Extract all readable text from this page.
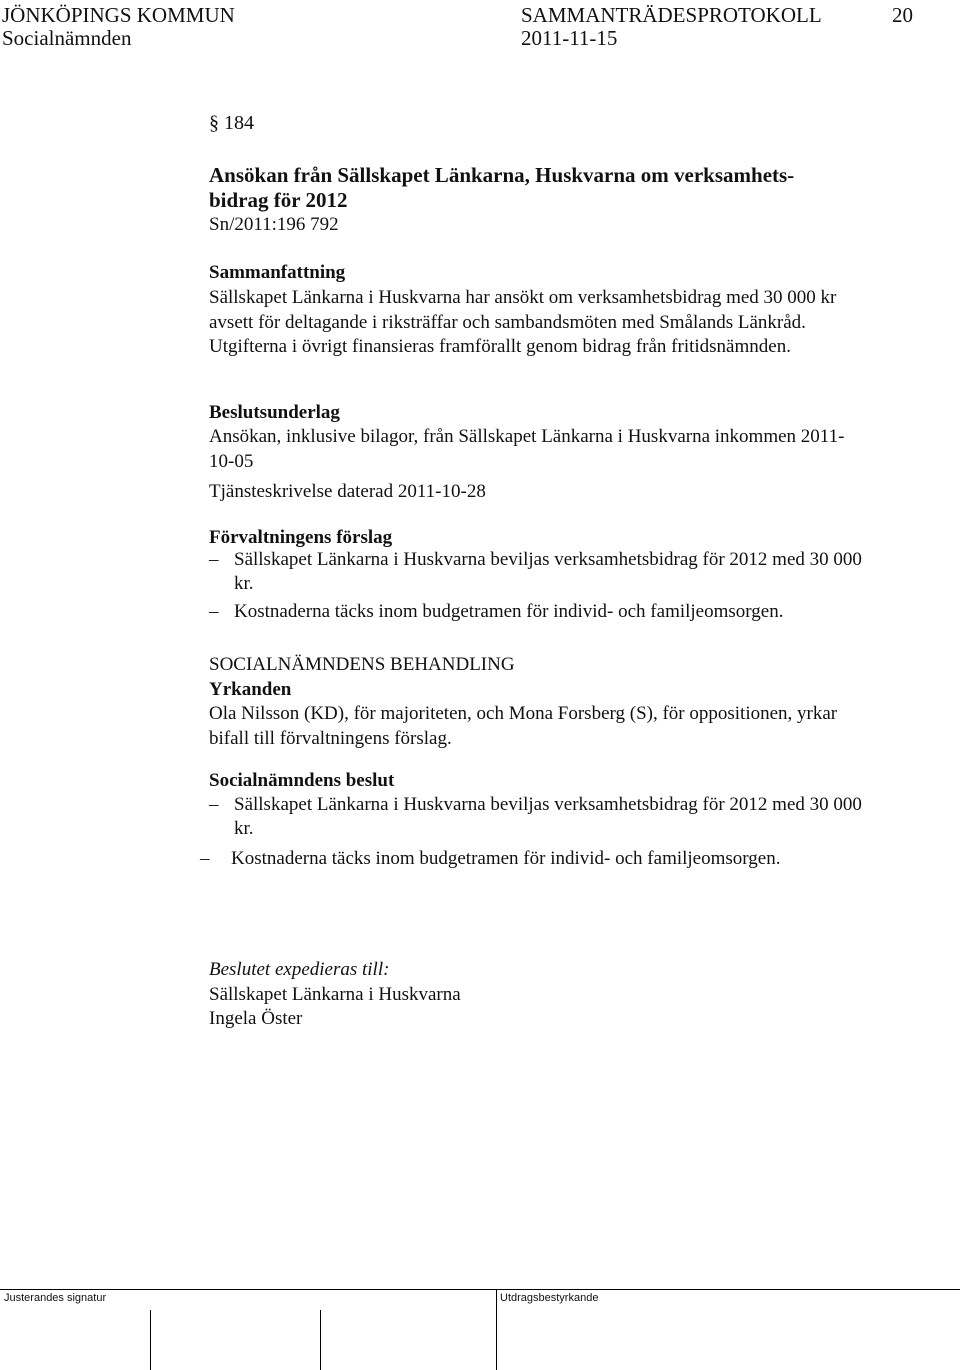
JÖNKÖPINGS KOMMUN	SAMMANTRÄDESPROTOKOLL	20
Socialnämnden	2011-11-15
§ 184
Ansökan från Sällskapet Länkarna, Huskvarna om verksamhets-
bidrag för 2012
Sn/2011:196 792
Sammanfattning
Sällskapet Länkarna i Huskvarna har ansökt om verksamhetsbidrag med 30 000 kr avsett för deltagande i riksträffar och sambandsmöten med Smålands Länkråd. Utgifterna i övrigt finansieras framförallt genom bidrag från fritidsnämnden.
Beslutsunderlag
Ansökan, inklusive bilagor, från Sällskapet Länkarna i Huskvarna inkommen 2011-10-05
Tjänsteskrivelse daterad 2011-10-28
Förvaltningens förslag
– Sällskapet Länkarna i Huskvarna beviljas verksamhetsbidrag för 2012 med 30 000 kr.
– Kostnaderna täcks inom budgetramen för individ- och familjeomsorgen.
SOCIALNÄMNDENS BEHANDLING
Yrkanden
Ola Nilsson (KD), för majoriteten, och Mona Forsberg (S), för oppositionen, yrkar bifall till förvaltningens förslag.
Socialnämndens beslut
– Sällskapet Länkarna i Huskvarna beviljas verksamhetsbidrag för 2012 med 30 000 kr.
– Kostnaderna täcks inom budgetramen för individ- och familjeomsorgen.
Beslutet expedieras till:
Sällskapet Länkarna i Huskvarna
Ingela Öster
Justerandes signatur	Utdragsbestyrkande
